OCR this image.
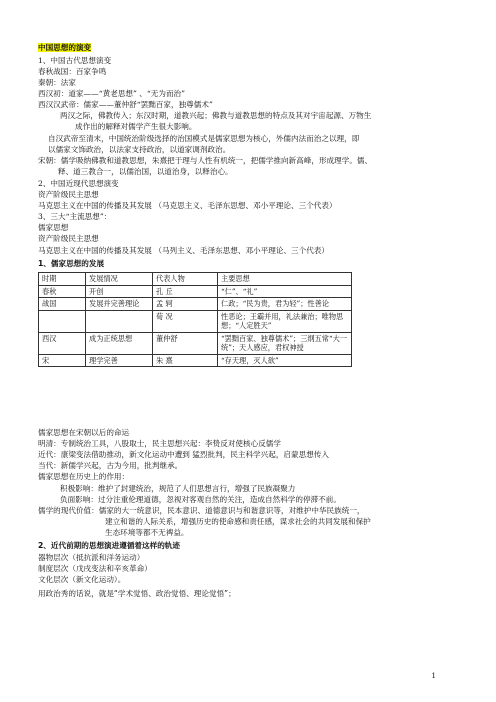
中国思想的演变
1、中国古代思想演变
春秋战国：百家争鸣
秦朝：法家
西汉初：道家——“黄老思想” 、“无为而治”
西汉汉武帝：儒家——董仲舒“罢黜百家，独尊儒术”
两汉之际，佛教传入；东汉时期，道教兴起；佛教与道教思想的特点及其对宇宙起源、万物生
成作出的解释对儒学产生很大影响。
自汉武帝至清末，中国统治阶级选择的治国模式是儒家思想为核心，外儒内法而治之以理，即
以儒家文饰政治，以法家支持政治，以道家调剂政治。
宋朝：儒学吸纳佛教和道教思想，朱熹把于理与人性有机统一，把儒学推向新高峰，形成理学。儒、
释、道三教合一，以儒治国，以道治身，以释治心。
2、中国近现代思想演变
资产阶级民主思想
马克思主义在中国的传播及其发展 （马克思主义、毛泽东思想、邓小平理论、三个代表）
3、三大“主流思想”：
儒家思想
资产阶级民主思想
马克思主义在中国的传播及其发展 （马列主义、毛泽东思想、邓小平理论、三个代表）
1、儒家思想的发展
时期	发展情况	代表人物	主要思想
春秋	开创	孔 丘	“仁”、“礼”
战国	发展并完善理论	孟 轲	仁政；“民为贵，君为轻”；性善论
		荀 况	性恶论；王霸并用，礼法兼治；唯物思想；“人定胜天”
西汉	成为正统思想	董仲舒	“罢黜百家、独尊儒术”；三纲五常“大一统”；天人感应，君权神授
宋	理学完善	朱 熹	“存天理，灭人欲”
儒家思想在宋朝以后的命运
明清：专制统治工具，八股取士，民主思想兴起：李贽反对使核心反儒学
近代：康梁变法借助推动，新文化运动中遭到 猛烈批判，民主科学兴起，启蒙思想传入
当代：新儒学兴起，古为今用，批判继承。
儒家思想在历史上的作用：
积极影响：维护了封建统治，规范了人们思想言行，增强了民族凝聚力
负面影响：过分注重伦理道德，忽视对客观自然的关注，造成自然科学的停滞不前。
儒学的现代价值：儒家的大一统意识，民本意识、道德意识与和谐意识等，对维护中华民族统一，
建立和谐的人际关系，增强历史的使命感和责任感，谋求社会的共同发展和保护
生态环境等都不无裨益。
2、近代前期的思想演进遵循着这样的轨迹
器物层次（抵抗派和洋务运动）
制度层次（戊戌变法和辛亥革命）
文化层次（新文化运动）。
用政治秀的话说，就是“学术觉悟、政治觉悟、理论觉悟”；
1
